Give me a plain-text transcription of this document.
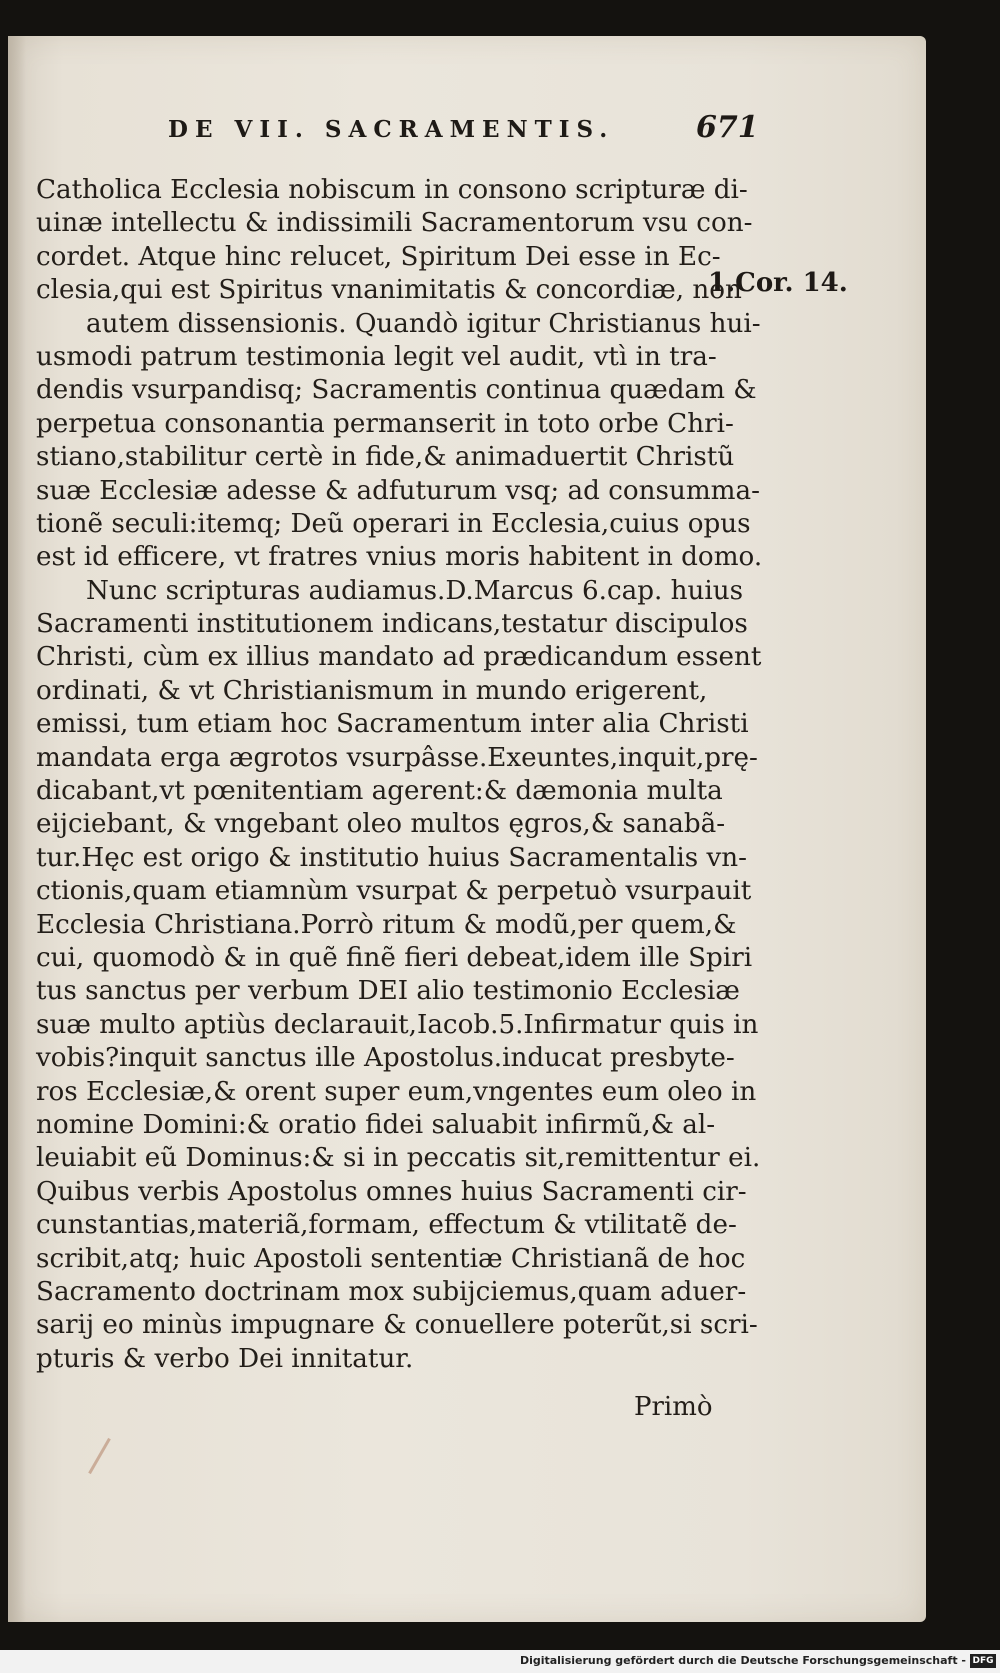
DE VII. SACRAMENTIS.	671
1.Cor. 14.
Catholica Ecclesia nobiscum in consono scripturæ di-
uinæ intellectu & indissimili Sacramentorum vsu con-
cordet. Atque hinc relucet, Spiritum Dei esse in Ec-
clesia,qui est Spiritus vnanimitatis & concordiæ, non
autem dissensionis. Quandò igitur Christianus hui-
usmodi patrum testimonia legit vel audit, vtì in tra-
dendis vsurpandisq; Sacramentis continua quædam &
perpetua consonantia permanserit in toto orbe Chri-
stiano,stabilitur certè in fide,& animaduertit Christũ
suæ Ecclesiæ adesse & adfuturum vsq; ad consumma-
tionẽ seculi:itemq; Deũ operari in Ecclesia,cuius opus
est id efficere, vt fratres vnius moris habitent in domo.
Nunc scripturas audiamus.D.Marcus 6.cap. huius
Sacramenti institutionem indicans,testatur discipulos
Christi, cùm ex illius mandato ad prædicandum essent
ordinati, & vt Christianismum in mundo erigerent,
emissi, tum etiam hoc Sacramentum inter alia Christi
mandata erga ægrotos vsurpâsse.Exeuntes,inquit,prę-
dicabant,vt pœnitentiam agerent:& dæmonia multa
eijciebant, & vngebant oleo multos ęgros,& sanabã-
tur.Hęc est origo & institutio huius Sacramentalis vn-
ctionis,quam etiamnùm vsurpat & perpetuò vsurpauit
Ecclesia Christiana.Porrò ritum & modũ,per quem,&
cui, quomodò & in quẽ finẽ fieri debeat,idem ille Spiri
tus sanctus per verbum DEI alio testimonio Ecclesiæ
suæ multo aptiùs declarauit,Iacob.5.Infirmatur quis in
vobis?inquit sanctus ille Apostolus.inducat presbyte-
ros Ecclesiæ,& orent super eum,vngentes eum oleo in
nomine Domini:& oratio fidei saluabit infirmũ,& al-
leuiabit eũ Dominus:& si in peccatis sit,remittentur ei.
Quibus verbis Apostolus omnes huius Sacramenti cir-
cunstantias,materiã,formam, effectum & vtilitatẽ de-
scribit,atq; huic Apostoli sententiæ Christianã de hoc
Sacramento doctrinam mox subijciemus,quam aduer-
sarij eo minùs impugnare & conuellere poterũt,si scri-
pturis & verbo Dei innitatur.
Primò
Digitalisierung gefördert durch die Deutsche Forschungsgemeinschaft - DFG
